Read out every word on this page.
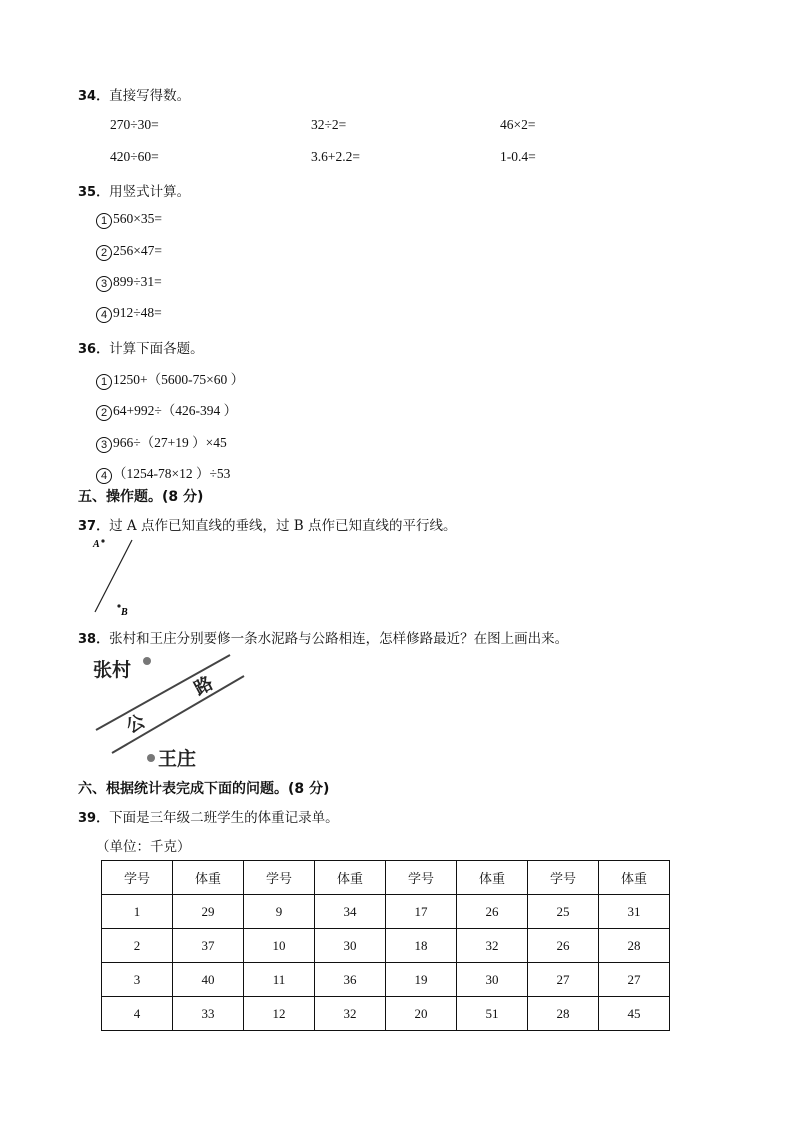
34．直接写得数。
270÷30=	32÷2=	46×2=
420÷60=	3.6+2.2=	1-0.4=
35．用竖式计算。
1 560×35=
2 256×47=
3 899÷31=
4 912÷48=
36．计算下面各题。
1 1250+（5600-75×60 ）
2 64+992÷（426-394 ）
3 966÷（27+19 ）×45
4 （1254-78×12 ）÷53
五、操作题。(8 分)
37．过 A 点作已知直线的垂线，过 B 点作已知直线的平行线。
A
B
38．张村和王庄分别要修一条水泥路与公路相连，怎样修路最近？在图上画出来。
张村
王庄
公
路
六、根据统计表完成下面的问题。(8 分)
39．下面是三年级二班学生的体重记录单。
（单位：千克）
学号	体重	学号	体重	学号	体重	学号	体重
1	29	9	34	17	26	25	31
2	37	10	30	18	32	26	28
3	40	11	36	19	30	27	27
4	33	12	32	20	51	28	45
